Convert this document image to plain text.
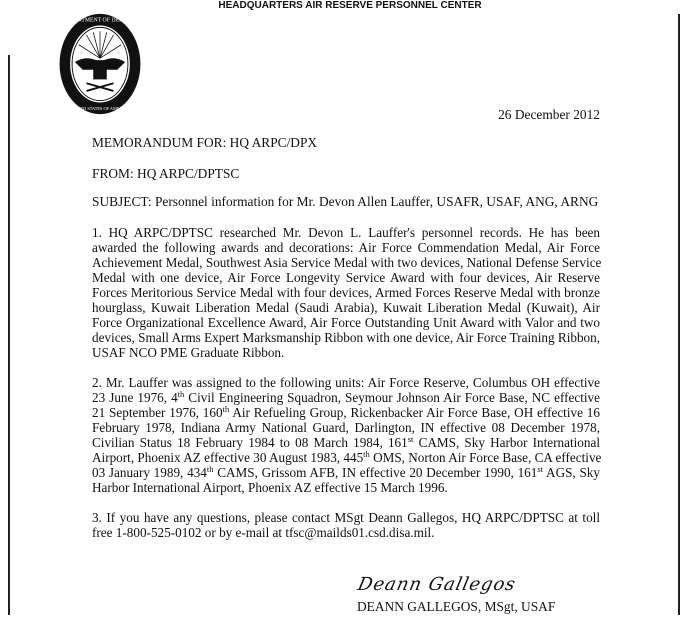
HEADQUARTERS AIR RESERVE PERSONNEL CENTER
DEPARTMENT OF DEFENSE
UNITED STATES OF AMERICA	26 December 2012
MEMORANDUM FOR: HQ ARPC/DPX
FROM: HQ ARPC/DPTSC
SUBJECT: Personnel information for Mr. Devon Allen Lauffer, USAFR, USAF, ANG, ARNG
1. HQ ARPC/DPTSC researched Mr. Devon L. Lauffer's personnel records. He has been
awarded the following awards and decorations: Air Force Commendation Medal, Air Force
Achievement Medal, Southwest Asia Service Medal with two devices, National Defense Service
Medal with one device, Air Force Longevity Service Award with four devices, Air Reserve
Forces Meritorious Service Medal with four devices, Armed Forces Reserve Medal with bronze
hourglass, Kuwait Liberation Medal (Saudi Arabia), Kuwait Liberation Medal (Kuwait), Air
Force Organizational Excellence Award, Air Force Outstanding Unit Award with Valor and two
devices, Small Arms Expert Marksmanship Ribbon with one device, Air Force Training Ribbon,
USAF NCO PME Graduate Ribbon.
2. Mr. Lauffer was assigned to the following units: Air Force Reserve, Columbus OH effective
23 June 1976, 4th Civil Engineering Squadron, Seymour Johnson Air Force Base, NC effective
21 September 1976, 160th Air Refueling Group, Rickenbacker Air Force Base, OH effective 16
February 1978, Indiana Army National Guard, Darlington, IN effective 08 December 1978,
Civilian Status 18 February 1984 to 08 March 1984, 161st CAMS, Sky Harbor International
Airport, Phoenix AZ effective 30 August 1983, 445th OMS, Norton Air Force Base, CA effective
03 January 1989, 434th CAMS, Grissom AFB, IN effective 20 December 1990, 161st AGS, Sky
Harbor International Airport, Phoenix AZ effective 15 March 1996.
3. If you have any questions, please contact MSgt Deann Gallegos, HQ ARPC/DPTSC at toll
free 1-800-525-0102 or by e-mail at tfsc@mailds01.csd.disa.mil.
Deann Gallegos
DEANN GALLEGOS, MSgt, USAF
